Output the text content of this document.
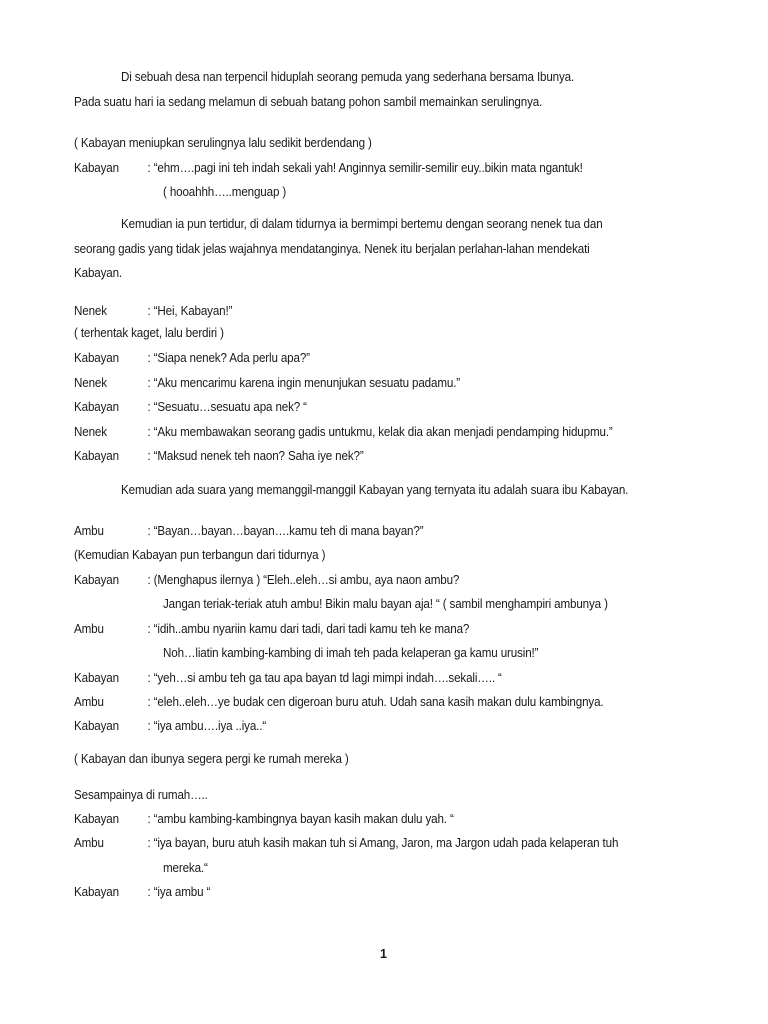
Di sebuah desa nan terpencil hiduplah seorang pemuda yang sederhana bersama Ibunya.
Pada suatu hari ia sedang melamun di sebuah batang pohon sambil memainkan serulingnya.
( Kabayan meniupkan serulingnya lalu sedikit berdendang )
Kabayan : “ehm….pagi ini teh indah sekali yah! Anginnya semilir-semilir euy..bikin mata ngantuk!
( hooahhh…..menguap )
Kemudian ia pun tertidur, di dalam tidurnya ia bermimpi bertemu dengan seorang nenek tua dan
seorang gadis yang tidak jelas wajahnya mendatanginya. Nenek itu berjalan perlahan-lahan mendekati
Kabayan.
Nenek	: “Hei, Kabayan!”
( terhentak kaget, lalu berdiri )
Kabayan : “Siapa nenek? Ada perlu apa?”
Nenek	: “Aku mencarimu karena ingin menunjukan sesuatu padamu.”
Kabayan : “Sesuatu…sesuatu apa nek? “
Nenek	: “Aku membawakan seorang gadis untukmu, kelak dia akan menjadi pendamping hidupmu.”
Kabayan : “Maksud nenek teh naon? Saha iye nek?”
Kemudian ada suara yang memanggil-manggil Kabayan yang ternyata itu adalah suara ibu Kabayan.
Ambu	: “Bayan…bayan…bayan….kamu teh di mana bayan?”
(Kemudian Kabayan pun terbangun dari tidurnya )
Kabayan : (Menghapus ilernya ) “Eleh..eleh…si ambu, aya naon ambu?
Jangan teriak-teriak atuh ambu! Bikin malu bayan aja! “ ( sambil menghampiri ambunya )
Ambu	: “idih..ambu nyariin kamu dari tadi, dari tadi kamu teh ke mana?
Noh…liatin kambing-kambing di imah teh pada kelaperan ga kamu urusin!”
Kabayan : “yeh…si ambu teh ga tau apa bayan td lagi mimpi indah….sekali….. “
Ambu	: “eleh..eleh…ye budak cen digeroan buru atuh. Udah sana kasih makan dulu kambingnya.
Kabayan : “iya ambu….iya ..iya..“
( Kabayan dan ibunya segera pergi ke rumah mereka )
Sesampainya di rumah…..
Kabayan : “ambu kambing-kambingnya bayan kasih makan dulu yah. “
Ambu	: “iya bayan, buru atuh kasih makan tuh si Amang, Jaron, ma Jargon udah pada kelaperan tuh
mereka.“
Kabayan : “iya ambu “
1
